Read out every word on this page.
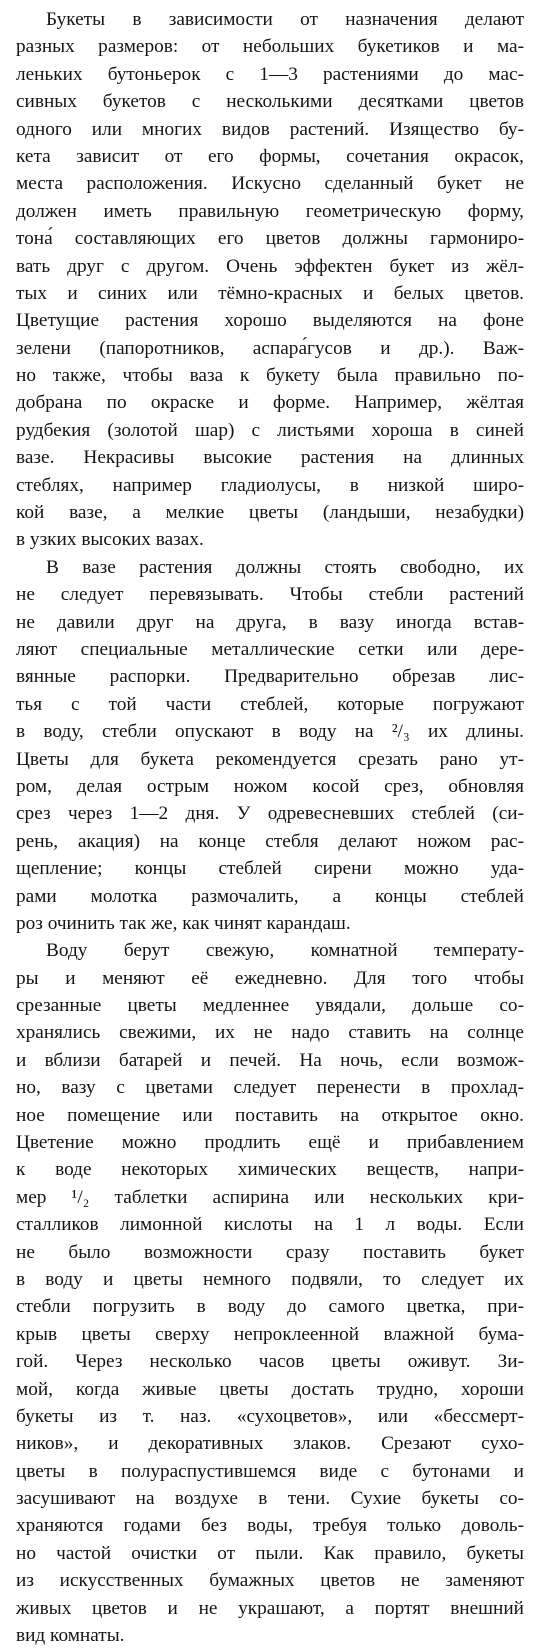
Букеты в зависимости от назначения делают
разных размеров: от небольших букетиков и ма-
леньких бутоньерок с 1—3 растениями до мас-
сивных букетов с несколькими десятками цветов
одного или многих видов растений. Изящество бу-
кета зависит от его формы, сочетания окрасок,
места расположения. Искусно сделанный букет не
должен иметь правильную геометрическую форму,
тона́ составляющих его цветов должны гармониро-
вать друг с другом. Очень эффектен букет из жёл-
тых и синих или тёмно-красных и белых цветов.
Цветущие растения хорошо выделяются на фоне
зелени (папоротников, аспара́гусов и др.). Важ-
но также, чтобы ваза к букету была правильно по-
добрана по окраске и форме. Например, жёлтая
рудбекия (золотой шар) с листьями хороша в синей
вазе. Некрасивы высокие растения на длинных
стеблях, например гладиолусы, в низкой широ-
кой вазе, а мелкие цветы (ландыши, незабудки)
в узких высоких вазах.
В вазе растения должны стоять свободно, их
не следует перевязывать. Чтобы стебли растений
не давили друг на друга, в вазу иногда встав-
ляют специальные металлические сетки или дере-
вянные распорки. Предварительно обрезав лис-
тья с той части стеблей, которые погружают
в воду, стебли опускают в воду на ²/₃ их длины.
Цветы для букета рекомендуется срезать рано ут-
ром, делая острым ножом косой срез, обновляя
срез через 1—2 дня. У одревесневших стеблей (си-
рень, акация) на конце стебля делают ножом рас-
щепление; концы стеблей сирени можно уда-
рами молотка размочалить, а концы стеблей
роз очинить так же, как чинят карандаш.
Воду берут свежую, комнатной температу-
ры и меняют её ежедневно. Для того чтобы
срезанные цветы медленнее увядали, дольше со-
хранялись свежими, их не надо ставить на солнце
и вблизи батарей и печей. На ночь, если возмож-
но, вазу с цветами следует перенести в прохлад-
ное помещение или поставить на открытое окно.
Цветение можно продлить ещё и прибавлением
к воде некоторых химических веществ, напри-
мер ¹/₂ таблетки аспирина или нескольких кри-
сталликов лимонной кислоты на 1 л воды. Если
не было возможности сразу поставить букет
в воду и цветы немного подвяли, то следует их
стебли погрузить в воду до самого цветка, при-
крыв цветы сверху непроклеенной влажной бума-
гой. Через несколько часов цветы оживут. Зи-
мой, когда живые цветы достать трудно, хороши
букеты из т. наз. «сухоцветов», или «бессмерт-
ников», и декоративных злаков. Срезают сухо-
цветы в полураспустившемся виде с бутонами и
засушивают на воздухе в тени. Сухие букеты со-
храняются годами без воды, требуя только доволь-
но частой очистки от пыли. Как правило, букеты
из искусственных бумажных цветов не заменяют
живых цветов и не украшают, а портят внешний
вид комнаты.
